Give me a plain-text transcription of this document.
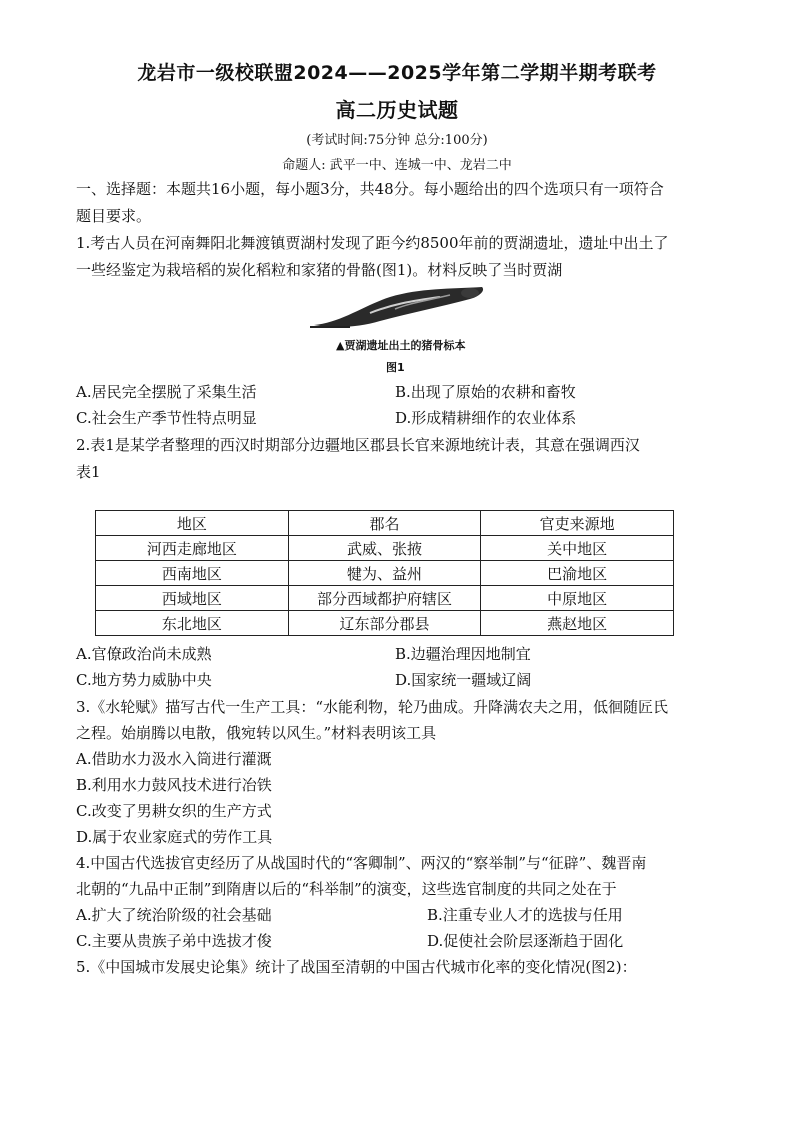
龙岩市一级校联盟2024——2025学年第二学期半期考联考
高二历史试题
(考试时间:75分钟 总分:100分)
命题人: 武平一中、连城一中、龙岩二中
一、选择题：本题共16小题，每小题3分，共48分。每小题给出的四个选项只有一项符合
题目要求。
1.考古人员在河南舞阳北舞渡镇贾湖村发现了距今约8500年前的贾湖遗址，遗址中出土了
一些经鉴定为栽培稻的炭化稻粒和家猪的骨骼(图1)。材料反映了当时贾湖
▲贾湖遗址出土的猪骨标本
图1
A.居民完全摆脱了采集生活	B.出现了原始的农耕和畜牧
C.社会生产季节性特点明显	D.形成精耕细作的农业体系
2.表1是某学者整理的西汉时期部分边疆地区郡县长官来源地统计表，其意在强调西汉
表1
地区	郡名	官吏来源地
河西走廊地区	武威、张掖	关中地区
西南地区	犍为、益州	巴渝地区
西域地区	部分西域都护府辖区	中原地区
东北地区	辽东部分郡县	燕赵地区
A.官僚政治尚未成熟	B.边疆治理因地制宜
C.地方势力威胁中央	D.国家统一疆域辽阔
3.《水轮赋》描写古代一生产工具：“水能利物，轮乃曲成。升降满农夫之用，低徊随匠氏
之程。始崩腾以电散，俄宛转以风生。”材料表明该工具
A.借助水力汲水入筒进行灌溉
B.利用水力鼓风技术进行冶铁
C.改变了男耕女织的生产方式
D.属于农业家庭式的劳作工具
4.中国古代选拔官吏经历了从战国时代的“客卿制”、两汉的“察举制”与“征辟”、魏晋南
北朝的“九品中正制”到隋唐以后的“科举制”的演变，这些选官制度的共同之处在于
A.扩大了统治阶级的社会基础	B.注重专业人才的选拔与任用
C.主要从贵族子弟中选拔才俊	D.促使社会阶层逐渐趋于固化
5.《中国城市发展史论集》统计了战国至清朝的中国古代城市化率的变化情况(图2)：
